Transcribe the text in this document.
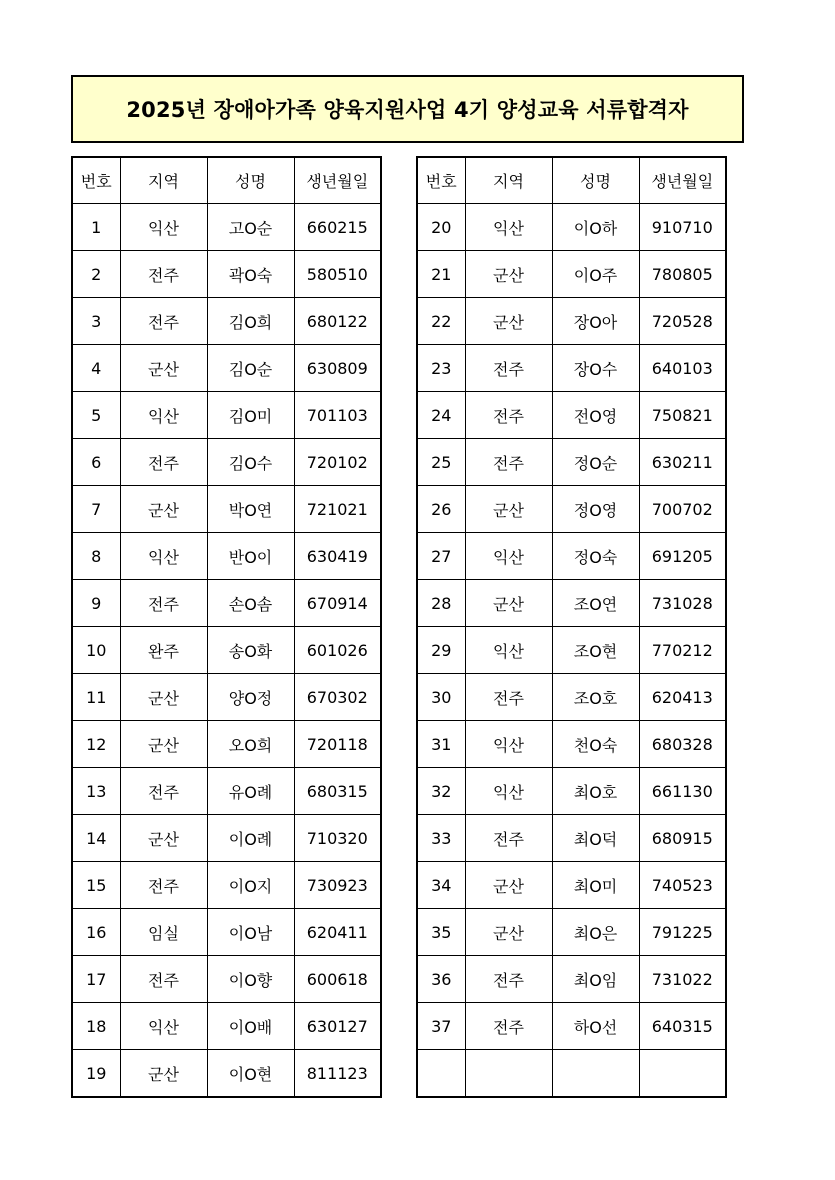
2025년 장애아가족 양육지원사업 4기 양성교육 서류합격자
번호	지역	성명	생년월일
1	익산	고O순	660215
2	전주	곽O숙	580510
3	전주	김O희	680122
4	군산	김O순	630809
5	익산	김O미	701103
6	전주	김O수	720102
7	군산	박O연	721021
8	익산	반O이	630419
9	전주	손O솜	670914
10	완주	송O화	601026
11	군산	양O정	670302
12	군산	오O희	720118
13	전주	유O례	680315
14	군산	이O례	710320
15	전주	이O지	730923
16	임실	이O남	620411
17	전주	이O향	600618
18	익산	이O배	630127
19	군산	이O현	811123
번호	지역	성명	생년월일
20	익산	이O하	910710
21	군산	이O주	780805
22	군산	장O아	720528
23	전주	장O수	640103
24	전주	전O영	750821
25	전주	정O순	630211
26	군산	정O영	700702
27	익산	정O숙	691205
28	군산	조O연	731028
29	익산	조O현	770212
30	전주	조O호	620413
31	익산	천O숙	680328
32	익산	최O호	661130
33	전주	최O덕	680915
34	군산	최O미	740523
35	군산	최O은	791225
36	전주	최O임	731022
37	전주	하O선	640315
